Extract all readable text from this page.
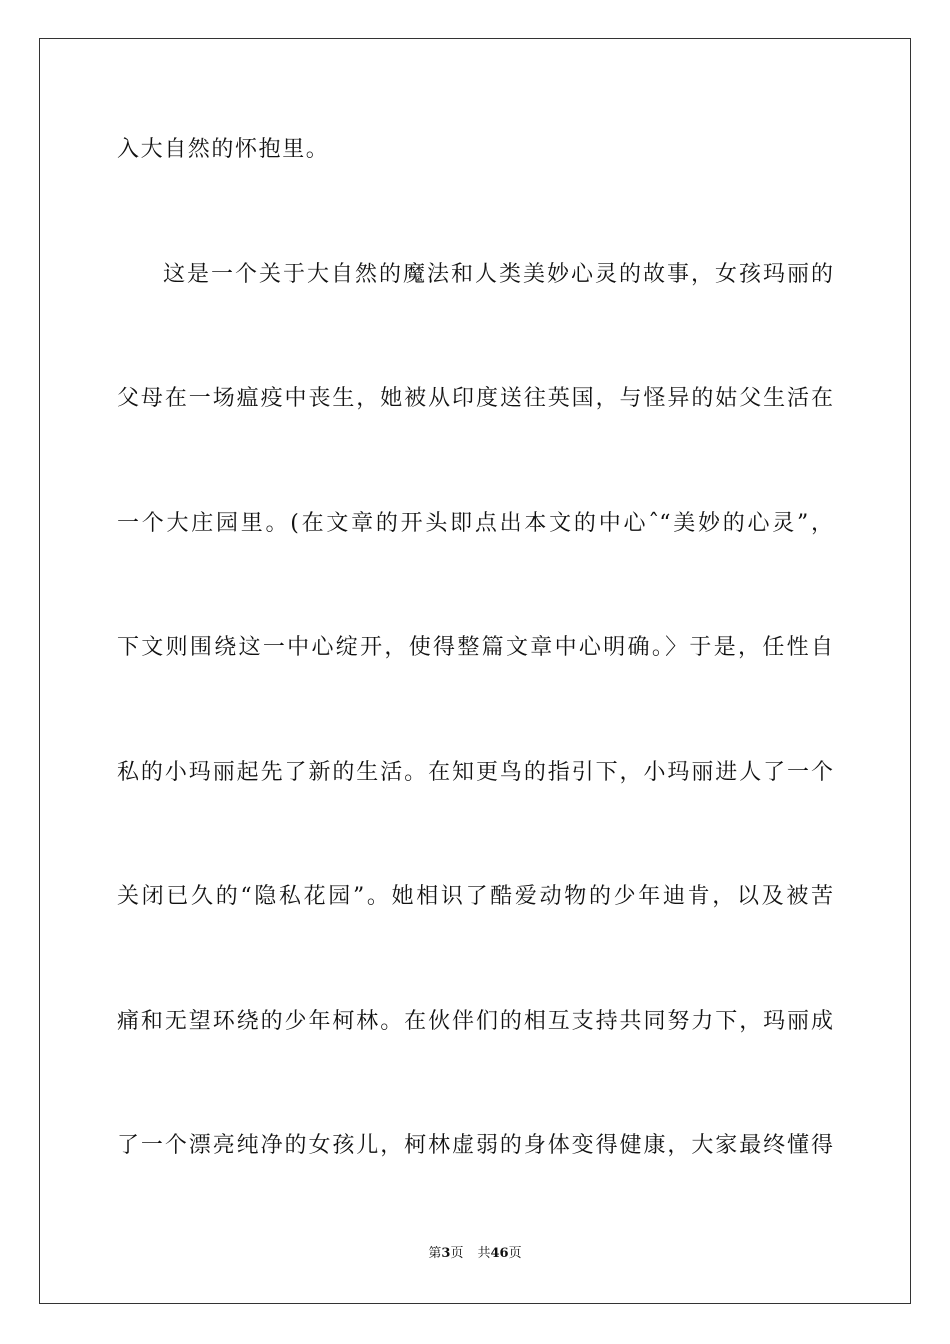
入大自然的怀抱里。
这是一个关于大自然的魔法和人类美妙心灵的故事，女孩玛丽的
父母在一场瘟疫中丧生，她被从印度送往英国，与怪异的姑父生活在
一个大庄园里。(在文章的开头即点出本文的中心ˆ“美妙的心灵”，
下文则围绕这一中心绽开，使得整篇文章中心明确。〉于是，任性自
私的小玛丽起先了新的生活。在知更鸟的指引下，小玛丽进人了一个
关闭已久的“隐私花园”。她相识了酷爱动物的少年迪肯，以及被苦
痛和无望环绕的少年柯林。在伙伴们的相互支持共同努力下，玛丽成
了一个漂亮纯净的女孩儿，柯林虚弱的身体变得健康，大家最终懂得
第3页 共46页
